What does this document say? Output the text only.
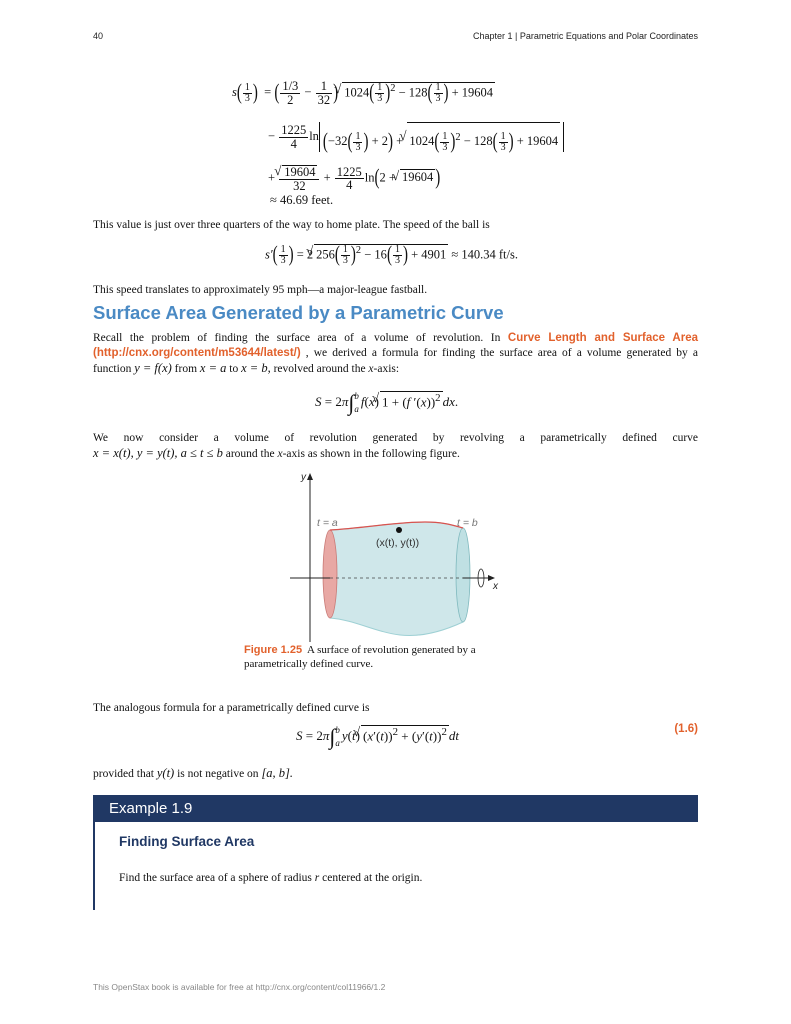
40	Chapter 1 | Parametric Equations and Polar Coordinates
$s( \frac{1}{3}$ )  = ( $\frac{1/3}{2} - \frac{1}{32}$ ) √ $1024( \frac{1}{3} )^2 - 128( \frac{1}{3}$ ) + 19604
− $\frac{1225}{4}$ $\ln (-32( \frac{1}{3}$ ) + 2) + √ $1024( \frac{1}{3} )^2 - 128( \frac{1}{3}$ ) + 19604
+ √ $\frac{19604}{32} + \frac{1225}{4} \ln(2$ + √ 19604 )
≈ 46.69 feet.
This value is just over three quarters of the way to home plate. The speed of the ball is
$s'( \frac{1}{3}$ ) = 2 √ $256( \frac{1}{3} )^2 - 16( \frac{1}{3}$ ) + 4901 ≈ 140.34 ft/s.
This speed translates to approximately 95 mph—a major-league fastball.
Surface Area Generated by a Parametric Curve
Recall the problem of finding the surface area of a volume of revolution. In Curve Length and Surface Area (http://cnx.org/content/m53644/latest/) , we derived a formula for finding the surface area of a volume generated by a function y = f(x) from x = a to x = b, revolved around the x-axis:
S = 2π∫b
af(x) √ 1 + (f ′(x))$^2$ dx.
We now consider a volume of revolution generated by revolving a parametrically defined curve
x = x(t), y = y(t), a ≤ t ≤ b around the x-axis as shown in the following figure.
y
x
t = a	t = b
(x(t), y(t))
Figure 1.25 A surface of revolution generated by a parametrically defined curve.
The analogous formula for a parametrically defined curve is
S = 2π∫b
ay(t) √ $(x'(t))^2 + (y'(t))^2$ dt	(1.6)
provided that y(t) is not negative on [a, b].
Example 1.9
Finding Surface Area
Find the surface area of a sphere of radius r centered at the origin.
This OpenStax book is available for free at http://cnx.org/content/col11966/1.2
